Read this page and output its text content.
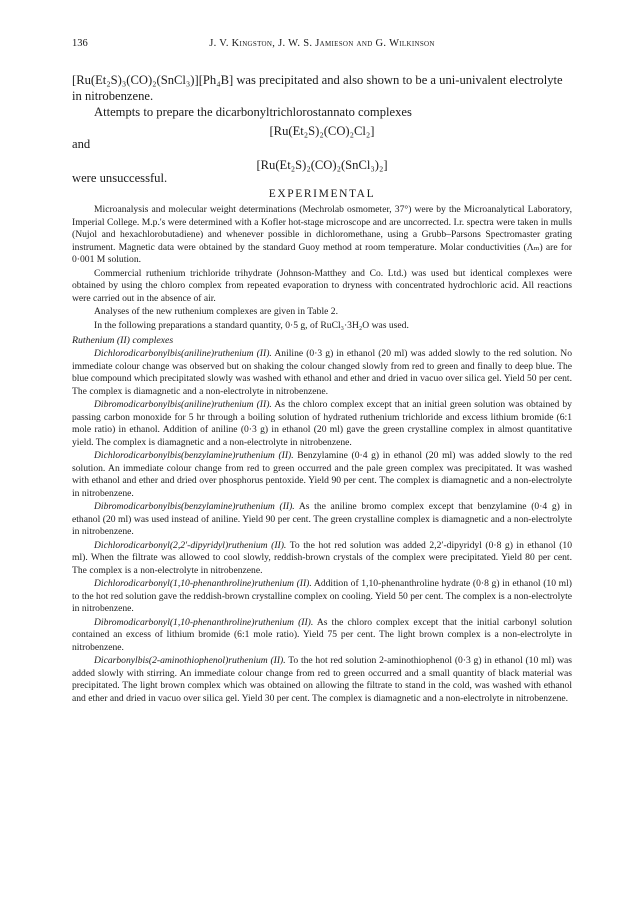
136	J. V. Kingston, J. W. S. Jamieson and G. Wilkinson

[Ru(Et₂S)₃(CO)₂(SnCl₃)][Ph₄B] was precipitated and also shown to be a uni-univalent electrolyte in nitrobenzene.

Attempts to prepare the dicarbonyltrichlorostannato complexes

[Ru(Et₂S)₂(CO)₂Cl₂]

and

[Ru(Et₂S)₂(CO)₂(SnCl₃)₂]

were unsuccessful.

EXPERIMENTAL

Microanalysis and molecular weight determinations (Mechrolab osmometer, 37°) were by the Microanalytical Laboratory, Imperial College. M.p.'s were determined with a Kofler hot-stage microscope and are uncorrected. I.r. spectra were taken in mulls (Nujol and hexachlorobutadiene) and whenever possible in dichloromethane, using a Grubb–Parsons Spectromaster grating instrument. Magnetic data were obtained by the standard Guoy method at room temperature. Molar conductivities (Λₘ) are for 0·001 M solution.

Commercial ruthenium trichloride trihydrate (Johnson-Matthey and Co. Ltd.) was used but identical complexes were obtained by using the chloro complex from repeated evaporation to dryness with concentrated hydrochloric acid. All reactions were carried out in the absence of air.

Analyses of the new ruthenium complexes are given in Table 2.

In the following preparations a standard quantity, 0·5 g, of RuCl₃·3H₂O was used.

Ruthenium (II) complexes

Dichlorodicarbonylbis(aniline)ruthenium (II). Aniline (0·3 g) in ethanol (20 ml) was added slowly to the red solution. No immediate colour change was observed but on shaking the colour changed slowly from red to green and finally to deep blue. The blue compound which precipitated slowly was washed with ethanol and ether and dried in vacuo over silica gel. Yield 50 per cent. The complex is diamagnetic and a non-electrolyte in nitrobenzene.

Dibromodicarbonylbis(aniline)ruthenium (II). As the chloro complex except that an initial green solution was obtained by passing carbon monoxide for 5 hr through a boiling solution of hydrated ruthenium trichloride and excess lithium bromide (6:1 mole ratio) in ethanol. Addition of aniline (0·3 g) in ethanol (20 ml) gave the green crystalline complex in almost quantitative yield. The complex is diamagnetic and a non-electrolyte in nitrobenzene.

Dichlorodicarbonylbis(benzylamine)ruthenium (II). Benzylamine (0·4 g) in ethanol (20 ml) was added slowly to the red solution. An immediate colour change from red to green occurred and the pale green complex was precipitated. It was washed with ethanol and ether and dried over phosphorus pentoxide. Yield 90 per cent. The complex is diamagnetic and a non-electrolyte in nitrobenzene.

Dibromodicarbonylbis(benzylamine)ruthenium (II). As the aniline bromo complex except that benzylamine (0·4 g) in ethanol (20 ml) was used instead of aniline. Yield 90 per cent. The green crystalline complex is diamagnetic and a non-electrolyte in nitrobenzene.

Dichlorodicarbonyl(2,2′-dipyridyl)ruthenium (II). To the hot red solution was added 2,2′-dipyridyl (0·8 g) in ethanol (10 ml). When the filtrate was allowed to cool slowly, reddish-brown crystals of the complex were precipitated. Yield 80 per cent. The complex is a non-electrolyte in nitrobenzene.

Dichlorodicarbonyl(1,10-phenanthroline)ruthenium (II). Addition of 1,10-phenanthroline hydrate (0·8 g) in ethanol (10 ml) to the hot red solution gave the reddish-brown crystalline complex on cooling. Yield 50 per cent. The complex is a non-electrolyte in nitrobenzene.

Dibromodicarbonyl(1,10-phenanthroline)ruthenium (II). As the chloro complex except that the initial carbonyl solution contained an excess of lithium bromide (6:1 mole ratio). Yield 75 per cent. The light brown complex is a non-electrolyte in nitrobenzene.

Dicarbonylbis(2-aminothiophenol)ruthenium (II). To the hot red solution 2-aminothiophenol (0·3 g) in ethanol (10 ml) was added slowly with stirring. An immediate colour change from red to green occurred and a small quantity of black material was precipitated. The light brown complex which was obtained on allowing the filtrate to stand in the cold, was washed with ethanol and ether and dried in vacuo over silica gel. Yield 30 per cent. The complex is diamagnetic and a non-electrolyte in nitrobenzene.
